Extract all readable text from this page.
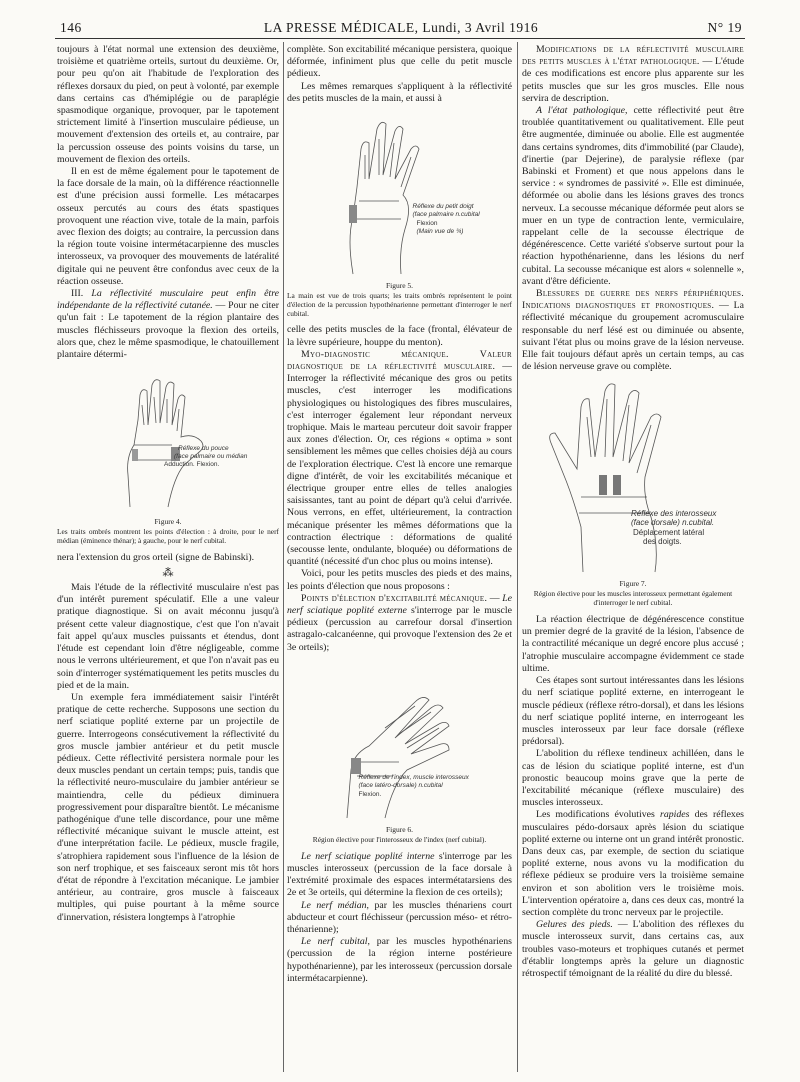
146	LA PRESSE MÉDICALE, Lundi, 3 Avril 1916	N° 19

toujours à l'état normal une extension des deuxième, troisième et quatrième orteils, surtout du deuxième. Or, pour peu qu'on ait l'habitude de l'exploration des réflexes dorsaux du pied, on peut à volonté, par exemple dans certains cas d'hémiplégie ou de paraplégie spasmodique organique, provoquer, par le tapotement strictement limité à l'insertion musculaire pédieuse, un mouvement d'extension des orteils et, au contraire, par la percussion osseuse des points voisins du tarse, un mouvement de flexion des orteils.

Il en est de même également pour le tapotement de la face dorsale de la main, où la différence réactionnelle est d'une précision aussi formelle. Les métacarpes osseux percutés au cours des états spastiques provoquent une réaction vive, totale de la main, parfois avec flexion des doigts; au contraire, la percussion dans la région toute voisine intermétacarpienne des muscles interosseux, va provoquer des mouvements de latéralité digitale qui ne peuvent être confondus avec ceux de la réaction osseuse.

III. La réflectivité musculaire peut enfin être indépendante de la réflectivité cutanée. — Pour ne citer qu'un fait : Le tapotement de la région plantaire des muscles fléchisseurs provoque la flexion des orteils, alors que, chez le même spasmodique, le chatouillement plantaire détermi-

Réflexe du pouce
(face palmaire ou médian
Adduction. Flexion.
Figure 4.
Les traits ombrés montrent les points d'élection : à droite, pour le nerf médian (éminence thénar); à gauche, pour le nerf cubital.

nera l'extension du gros orteil (signe de Babinski).

⁂

Mais l'étude de la réflectivité musculaire n'est pas d'un intérêt purement spéculatif. Elle a une valeur pratique diagnostique. Si on avait méconnu jusqu'à présent cette valeur diagnostique, c'est que l'on n'avait fait appel qu'aux muscles puissants et étendus, dont l'étude est cependant loin d'être négligeable, comme nous le verrons ultérieurement, et que l'on n'avait pas eu soin d'interroger systématiquement les petits muscles du pied et de la main.

Un exemple fera immédiatement saisir l'intérêt pratique de cette recherche. Supposons une section du nerf sciatique poplité externe par un projectile de guerre. Interrogeons consécutivement la réflectivité du gros muscle jambier antérieur et du petit muscle pédieux. Cette réflectivité persistera normale pour les deux muscles pendant un certain temps; puis, tandis que la réflectivité neuro-musculaire du jambier antérieur se maintiendra, celle du pédieux diminuera progressivement pour disparaître bientôt. Le mécanisme pathogénique d'une telle discordance, pour une même réflectivité mécanique suivant le muscle atteint, est d'une interprétation facile. Le pédieux, muscle fragile, s'atrophiera rapidement sous l'influence de la lésion de son nerf trophique, et ses faisceaux seront mis tôt hors d'état de répondre à l'excitation mécanique. Le jambier antérieur, au contraire, gros muscle à faisceaux multiples, qui puise pourtant à la même source d'innervation, résistera longtemps à l'atrophie

complète. Son excitabilité mécanique persistera, quoique déformée, infiniment plus que celle du petit muscle pédieux.

Les mêmes remarques s'appliquent à la réflectivité des petits muscles de la main, et aussi à

Réflexe du petit doigt
(face palmaire n.cubital
Flexion
(Main vue de ¾)
Figure 5.
La main est vue de trois quarts; les traits ombrés représentent le point d'élection de la percussion hypothénarienne permettant d'interroger le nerf cubital.

celle des petits muscles de la face (frontal, élévateur de la lèvre supérieure, houppe du menton).

Myo-diagnostic mécanique. Valeur diagnostique de la réflectivité musculaire. — Interroger la réflectivité mécanique des gros ou petits muscles, c'est interroger les modifications physiologiques ou histologiques des fibres musculaires, c'est interroger également leur répondant nerveux trophique. Mais le marteau percuteur doit savoir frapper aux zones d'élection. Or, ces régions « optima » sont sensiblement les mêmes que celles choisies déjà au cours de l'exploration électrique. C'est là encore une remarque digne d'intérêt, de voir les excitabilités mécanique et électrique grouper entre elles de telles analogies saisissantes, tant au point de départ qu'à celui d'arrivée. Nous verrons, en effet, ultérieurement, la contraction mécanique présenter les mêmes déformations que la contraction électrique : déformations de qualité (secousse lente, ondulante, bloquée) ou déformations de quantité (nécessité d'un choc plus ou moins intense).

Voici, pour les petits muscles des pieds et des mains, les points d'élection que nous proposons :

Points d'élection d'excitabilité mécanique. — Le nerf sciatique poplité externe s'interroge par le muscle pédieux (percussion au carrefour dorsal d'insertion astragalo-calcanéenne, qui provoque l'extension des 2e et 3e orteils);

Réflexe de l'index, muscle interosseux
(face latéro-dorsale) n.cubital
Flexion.
Figure 6.
Région élective pour l'interosseux de l'index (nerf cubital).

Le nerf sciatique poplité interne s'interroge par les muscles interosseux (percussion de la face dorsale à l'extrémité proximale des espaces intermétatarsiens des 2e et 3e orteils, qui détermine la flexion de ces orteils);

Le nerf médian, par les muscles thénariens court abducteur et court fléchisseur (percussion méso- et rétro-thénarienne);

Le nerf cubital, par les muscles hypothénariens (percussion de la région interne postérieure hypothénarienne), par les interosseux (percussion dorsale intermétacarpienne).

Modifications de la réflectivité musculaire des petits muscles à l'état pathologique. — L'étude de ces modifications est encore plus apparente sur les petits muscles que sur les gros muscles. Elle nous servira de description.

A l'état pathologique, cette réflectivité peut être troublée quantitativement ou qualitativement. Elle peut être augmentée, diminuée ou abolie. Elle est augmentée dans certains syndromes, dits d'immobilité (par Claude), d'inertie (par Dejerine), de paralysie réflexe (par Babinski et Froment) et que nous appelons dans le service : « syndromes de passivité ». Elle est diminuée, déformée ou abolie dans les lésions graves des troncs nerveux. La secousse mécanique déformée peut alors se muer en un type de contraction lente, vermiculaire, rappelant celle de la secousse électrique de dégénérescence. Cette variété s'observe surtout pour la réaction hypothénarienne, dans les lésions du nerf cubital. La secousse mécanique est alors « solennelle », avant d'être déficiente.

Blessures de guerre des nerfs périphériques. Indications diagnostiques et pronostiques. — La réflectivité mécanique du groupement acromusculaire responsable du nerf lésé est ou diminuée ou absente, suivant l'état plus ou moins grave de la lésion nerveuse. Elle fait toujours défaut après un certain temps, au cas de lésion nerveuse grave ou complète.

Réflexe des interosseux
(face dorsale) n.cubital.
Déplacement latéral
des doigts.
Figure 7.
Région élective pour les muscles interosseux permettant également d'interroger le nerf cubital.

La réaction électrique de dégénérescence constitue un premier degré de la gravité de la lésion, l'absence de la contractilité mécanique un degré encore plus accusé ; l'atrophie musculaire accompagne évidemment ce stade ultime.

Ces étapes sont surtout intéressantes dans les lésions du nerf sciatique poplité externe, en interrogeant le muscle pédieux (réflexe rétro-dorsal), et dans les lésions du nerf sciatique poplité interne, en interrogeant les muscles interosseux par leur face dorsale (réflexe prédorsal).

L'abolition du réflexe tendineux achilléen, dans le cas de lésion du sciatique poplité interne, est d'un pronostic beaucoup moins grave que la perte de l'excitabilité mécanique (réflexe musculaire) des muscles interosseux.

Les modifications évolutives rapides des réflexes musculaires pédo-dorsaux après lésion du sciatique poplité externe ou interne ont un grand intérêt pronostic. Dans deux cas, par exemple, de section du sciatique poplité externe, nous avons vu la modification du réflexe pédieux se produire vers la troisième semaine environ et son abolition vers le troisième mois. L'intervention opératoire a, dans ces deux cas, montré la section complète du tronc nerveux par le projectile.

Gelures des pieds. — L'abolition des réflexes du muscle interosseux survit, dans certains cas, aux troubles vaso-moteurs et trophiques cutanés et permet d'établir longtemps après la gelure un diagnostic rétrospectif témoignant de la réalité du dire du blessé.
